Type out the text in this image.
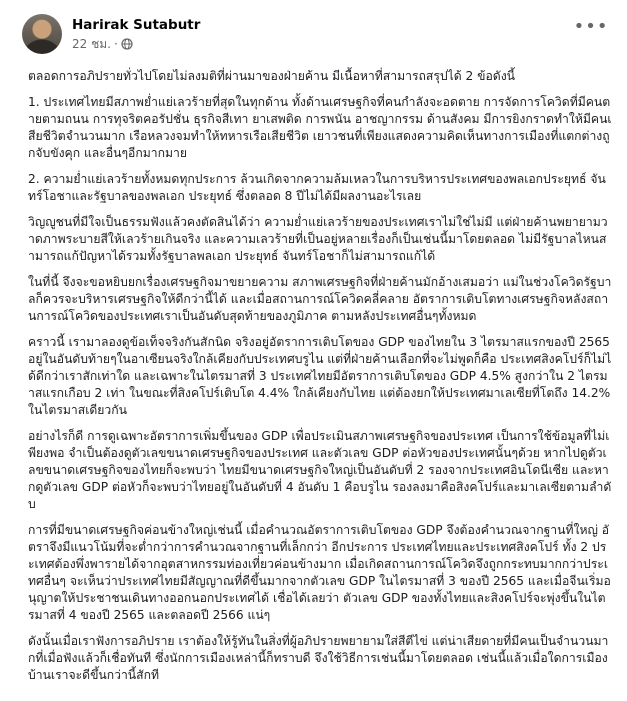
Harirak Sutabutr
22 ชม. ·
•••

ตลอดการอภิปรายทั่วไปโดยไม่ลงมติที่ผ่านมาของฝ่ายค้าน มีเนื้อหาที่สามารถสรุปได้ 2 ข้อดังนี้

1. ประเทศไทยมีสภาพย่ำแย่เลวร้ายที่สุดในทุกด้าน ทั้งด้านเศรษฐกิจที่คนกำลังจะอดตาย การจัดการโควิดที่มีคนตายตามถนน การทุจริตคอรัปชั่น ธุรกิจสีเทา ยาเสพติด การพนัน อาชญากรรม ด้านสังคม มีการยิงกราดทำให้มีคนเสียชีวิตจำนวนมาก เรือหลวงจมทำให้ทหารเรือเสียชีวิต เยาวชนที่เพียงแสดงความคิดเห็นทางการเมืองที่แตกต่างถูกจับขังคุก และอื่นๆอีกมากมาย

2. ความย่ำแย่เลวร้ายทั้งหมดทุกประการ ล้วนเกิดจากความล้มเหลวในการบริหารประเทศของพลเอกประยุทธ์ จันทร์โอชาและรัฐบาลของพลเอก ประยุทธ์ ซึ่งตลอด 8 ปีไม่ได้มีผลงานอะไรเลย

วิญญูชนที่มีใจเป็นธรรมฟังแล้วคงตัดสินได้ว่า ความย่ำแย่เลวร้ายของประเทศเราไม่ใช่ไม่มี แต่ฝ่ายค้านพยายามวาดภาพระบายสีให้เลวร้ายเกินจริง และความเลวร้ายที่เป็นอยู่หลายเรื่องก็เป็นเช่นนี้มาโดยตลอด ไม่มีรัฐบาลไหนสามารถแก้ปัญหาได้รวมทั้งรัฐบาลพลเอก ประยุทธ์ จันทร์โอชาก็ไม่สามารถแก้ได้

ในที่นี้ จึงจะขอหยิบยกเรื่องเศรษฐกิจมาขยายความ สภาพเศรษฐกิจที่ฝ่ายค้านมักอ้างเสมอว่า แม่ในช่วงโควิดรัฐบาลก็ควรจะบริหารเศรษฐกิจให้ดีกว่านี้ได้ และเมื่อสถานการณ์โควิดคลี่คลาย อัตราการเติบโตทางเศรษฐกิจหลังสถานการณ์โควิดของประเทศเราเป็นอันดับสุดท้ายของภูมิภาค ตามหลังประเทศอื่นๆทั้งหมด

คราวนี้ เรามาลองดูข้อเท็จจริงกันสักนิด จริงอยู่อัตราการเติบโตของ GDP ของไทยใน 3 ไตรมาสแรกของปี 2565 อยู่ในอันดับท้ายๆในอาเซียนจริงใกล้เคียงกับประเทศบรูไน แต่ที่ฝ่ายค้านเลือกที่จะไม่พูดก็คือ ประเทศสิงคโปร์ก็ไม่ได้ดีกว่าเราสักเท่าใด และเฉพาะในไตรมาสที่ 3 ประเทศไทยมีอัตราการเติบโตของ GDP 4.5% สูงกว่าใน 2 ไตรมาสแรกเกือบ 2 เท่า ในขณะที่สิงคโปร์เติบโต 4.4% ใกล้เคียงกับไทย แต่ต้องยกให้ประเทศมาเลเซียที่โตถึง 14.2% ในไตรมาสเดียวกัน

อย่างไรก็ดี การดูเฉพาะอัตราการเพิ่มขึ้นของ GDP เพื่อประเมินสภาพเศรษฐกิจของประเทศ เป็นการใช้ข้อมูลที่ไม่เพียงพอ จำเป็นต้องดูตัวเลขขนาดเศรษฐกิจของประเทศ และตัวเลข GDP ต่อหัวของประเทศนั้นๆด้วย หากไปดูตัวเลขขนาดเศรษฐกิจของไทยก็จะพบว่า ไทยมีขนาดเศรษฐกิจใหญ่เป็นอันดับที่ 2 รองจากประเทศอินโดนีเซีย และหากดูตัวเลข GDP ต่อหัวก็จะพบว่าไทยอยู่ในอันดับที่ 4 อันดับ 1 คือบรูไน รองลงมาคือสิงคโปร์และมาเลเซียตามลำดับ

การที่มีขนาดเศรษฐกิจค่อนข้างใหญ่เช่นนี้ เมื่อคำนวณอัตราการเติบโตของ GDP จึงต้องคำนวณจากฐานที่ใหญ่ อัตราจึงมีแนวโน้มที่จะต่ำกว่าการคำนวณจากฐานที่เล็กกว่า อีกประการ ประเทศไทยและประเทศสิงคโปร์ ทั้ง 2 ประเทศต้องพึ่งพารายได้จากอุตสาหกรรมท่องเที่ยวค่อนข้างมาก เมื่อเกิดสถานการณ์โควิดจึงถูกกระทบมากกว่าประเทศอื่นๆ จะเห็นว่าประเทศไทยมีสัญญาณที่ดีขึ้นมากจากตัวเลข GDP ในไตรมาสที่ 3 ของปี 2565 และเมื่อจีนเริ่มอนุญาตให้ประชาชนเดินทางออกนอกประเทศได้ เชื่อได้เลยว่า ตัวเลข GDP ของทั้งไทยและสิงคโปร์จะพุ่งขึ้นในไตรมาสที่ 4 ของปี 2565 และตลอดปี 2566 แน่ๆ

ดังนั้นเมื่อเราฟังการอภิปราย เราต้องให้รู้ทันในสิ่งที่ผู้อภิปรายพยายามใส่สีตีไข่ แต่น่าเสียดายที่มีคนเป็นจำนวนมากที่เมื่อฟังแล้วก็เชื่อทันที ซึ่งนักการเมืองเหล่านี้ก็ทราบดี จึงใช้วิธีการเช่นนี้มาโดยตลอด เช่นนี้แล้วเมื่อใดการเมืองบ้านเราจะดีขึ้นกว่านี้สักที
